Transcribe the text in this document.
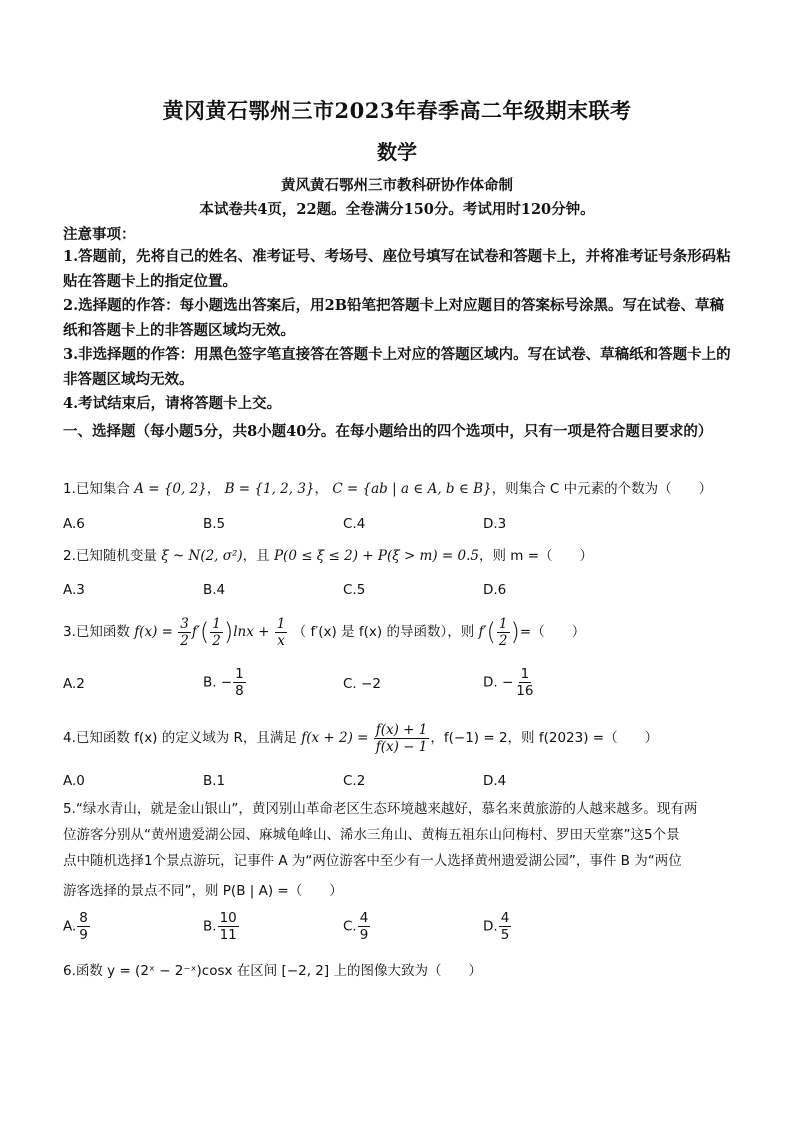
黄冈黄石鄂州三市2023年春季高二年级期末联考
数学
黄风黄石鄂州三市教科研协作体命制
本试卷共4页，22题。全卷满分150分。考试用时120分钟。
注意事项：

1.答题前，先将自己的姓名、准考证号、考场号、座位号填写在试卷和答题卡上，并将准考证号条形码粘贴在答题卡上的指定位置。

2.选择题的作答：每小题选出答案后，用2B铅笔把答题卡上对应题目的答案标号涂黑。写在试卷、草稿纸和答题卡上的非答题区域均无效。

3.非选择题的作答：用黑色签字笔直接答在答题卡上对应的答题区域内。写在试卷、草稿纸和答题卡上的非答题区域均无效。

4.考试结束后，请将答题卡上交。

一、选择题（每小题5分，共8小题40分。在每小题给出的四个选项中，只有一项是符合题目要求的）
1.已知集合 A = {0, 2}， B = {1, 2, 3}， C = {ab | a ∈ A, b ∈ B}，则集合 C 中元素的个数为（　　）
A.6	B.5	C.4	D.3
2.已知随机变量 ξ ~ N(2, σ²)，且 P(0 ≤ ξ ≤ 2) + P(ξ > m) = 0.5，则 m =（　　）
A.3	B.4	C.5	D.6
3.已知函数 $f(x) = \frac{3}{2} f'( \frac{1}{2} )\ln x + \frac{1}{x}$ （ f′(x) 是 f(x) 的导函数），则 $f'( \frac{1}{2}$ )=（　　）
A.2	B. − $\frac{1}{8}$	C. −2	D. − $\frac{1}{16}$
4.已知函数 f(x) 的定义域为 R，且满足 $f(x + 2) = \frac{f(x) + 1}{f(x) - 1}$ ，f(−1) = 2，则 f(2023) =（　　）
A.0	B.1	C.2	D.4

5.“绿水青山，就是金山银山”，黄冈别山革命老区生态环境越来越好，慕名来黄旅游的人越来越多。现有两

位游客分别从“黄州遗爱湖公园、麻城龟峰山、浠水三角山、黄梅五祖东山问梅村、罗田天堂寨”这5个景

点中随机选择1个景点游玩，记事件 A 为“两位游客中至少有一人选择黄州遗爱湖公园”，事件 B 为“两位

游客选择的景点不同”，则 P(B | A) =（　　）

A. $\frac{8}{9}$	B. $\frac{10}{11}$	C. $\frac{4}{9}$	D. $\frac{4}{5}$
6.函数 y = (2ˣ − 2⁻ˣ)cosx 在区间 [−2, 2] 上的图像大致为（　　）
